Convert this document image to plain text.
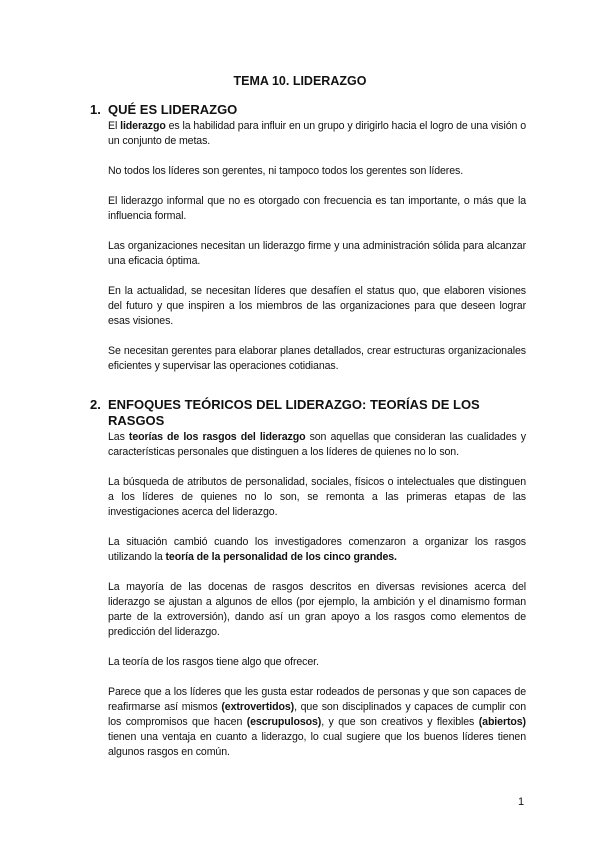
TEMA 10. LIDERAZGO
1. QUÉ ES LIDERAZGO

El liderazgo es la habilidad para influir en un grupo y dirigirlo hacia el logro de una visión o un conjunto de metas.

No todos los líderes son gerentes, ni tampoco todos los gerentes son líderes.

El liderazgo informal que no es otorgado con frecuencia es tan importante, o más que la influencia formal.

Las organizaciones necesitan un liderazgo firme y una administración sólida para alcanzar una eficacia óptima.

En la actualidad, se necesitan líderes que desafíen el status quo, que elaboren visiones del futuro y que inspiren a los miembros de las organizaciones para que deseen lograr esas visiones.

Se necesitan gerentes para elaborar planes detallados, crear estructuras organizacionales eficientes y supervisar las operaciones cotidianas.

2. ENFOQUES TEÓRICOS DEL LIDERAZGO: TEORÍAS DE LOS RASGOS

Las teorías de los rasgos del liderazgo son aquellas que consideran las cualidades y características personales que distinguen a los líderes de quienes no lo son.

La búsqueda de atributos de personalidad, sociales, físicos o intelectuales que distinguen a los líderes de quienes no lo son, se remonta a las primeras etapas de las investigaciones acerca del liderazgo.

La situación cambió cuando los investigadores comenzaron a organizar los rasgos utilizando la teoría de la personalidad de los cinco grandes.

La mayoría de las docenas de rasgos descritos en diversas revisiones acerca del liderazgo se ajustan a algunos de ellos (por ejemplo, la ambición y el dinamismo forman parte de la extroversión), dando así un gran apoyo a los rasgos como elementos de predicción del liderazgo.

La teoría de los rasgos tiene algo que ofrecer.

Parece que a los líderes que les gusta estar rodeados de personas y que son capaces de reafirmarse así mismos (extrovertidos), que son disciplinados y capaces de cumplir con los compromisos que hacen (escrupulosos), y que son creativos y flexibles (abiertos) tienen una ventaja en cuanto a liderazgo, lo cual sugiere que los buenos líderes tienen algunos rasgos en común.

1
